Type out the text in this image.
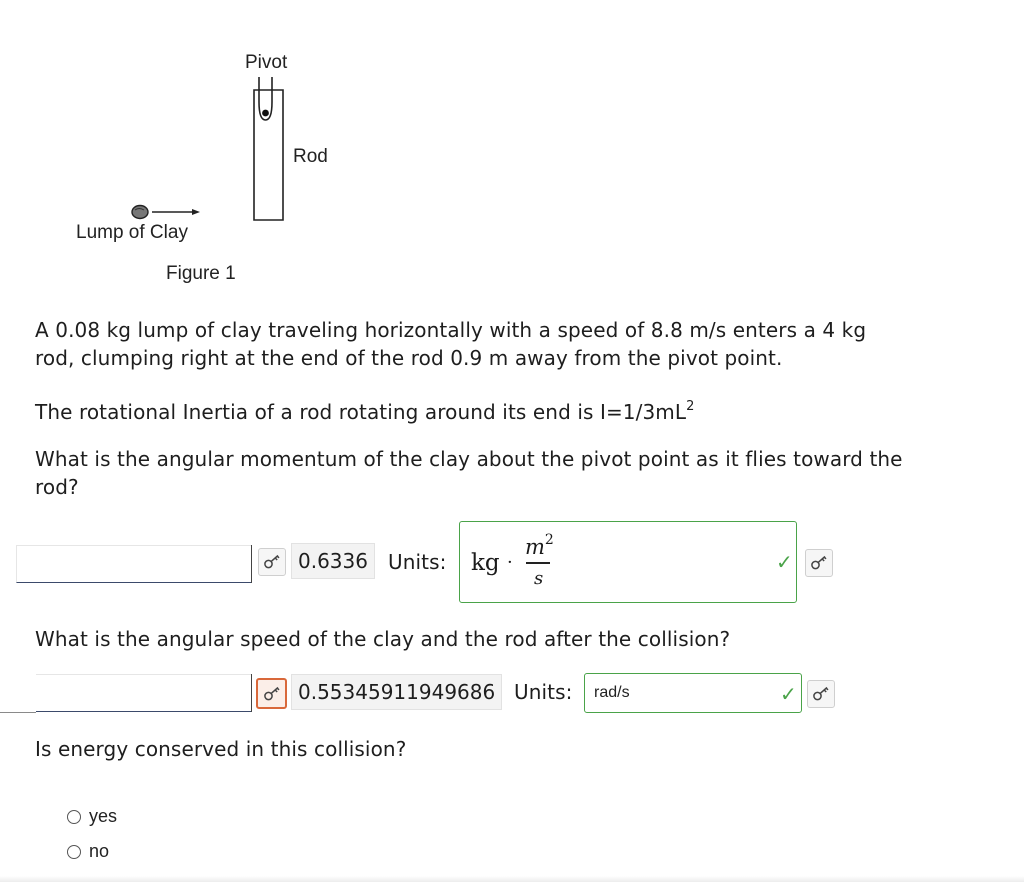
Pivot
Rod
Lump of Clay
Figure 1
A 0.08 kg lump of clay traveling horizontally with a speed of 8.8 m/s enters a 4 kg
rod, clumping right at the end of the rod 0.9 m away from the pivot point.
The rotational Inertia of a rod rotating around its end is $I=1/3mL^2$
What is the angular momentum of the clay about the pivot point as it flies toward the
rod?
0.6336	Units: kg ·
$m^2$
s
✓
What is the angular speed of the clay and the rod after the collision?
0.55345911949686 Units: rad/s	✓
Is energy conserved in this collision?
yes
no
